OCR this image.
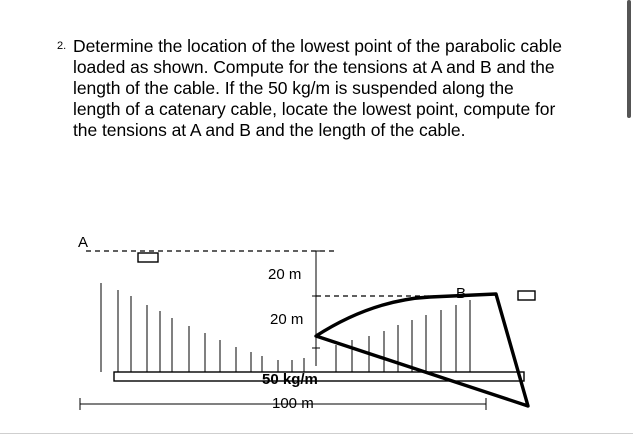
2. Determine the location of the lowest point of the parabolic cable
loaded as shown. Compute for the tensions at A and B and the
length of the cable. If the 50 kg/m is suspended along the
length of a catenary cable, locate the lowest point, compute for
the tensions at A and B and the length of the cable.

A
20 m
20 m
B
50 kg/m
100 m
